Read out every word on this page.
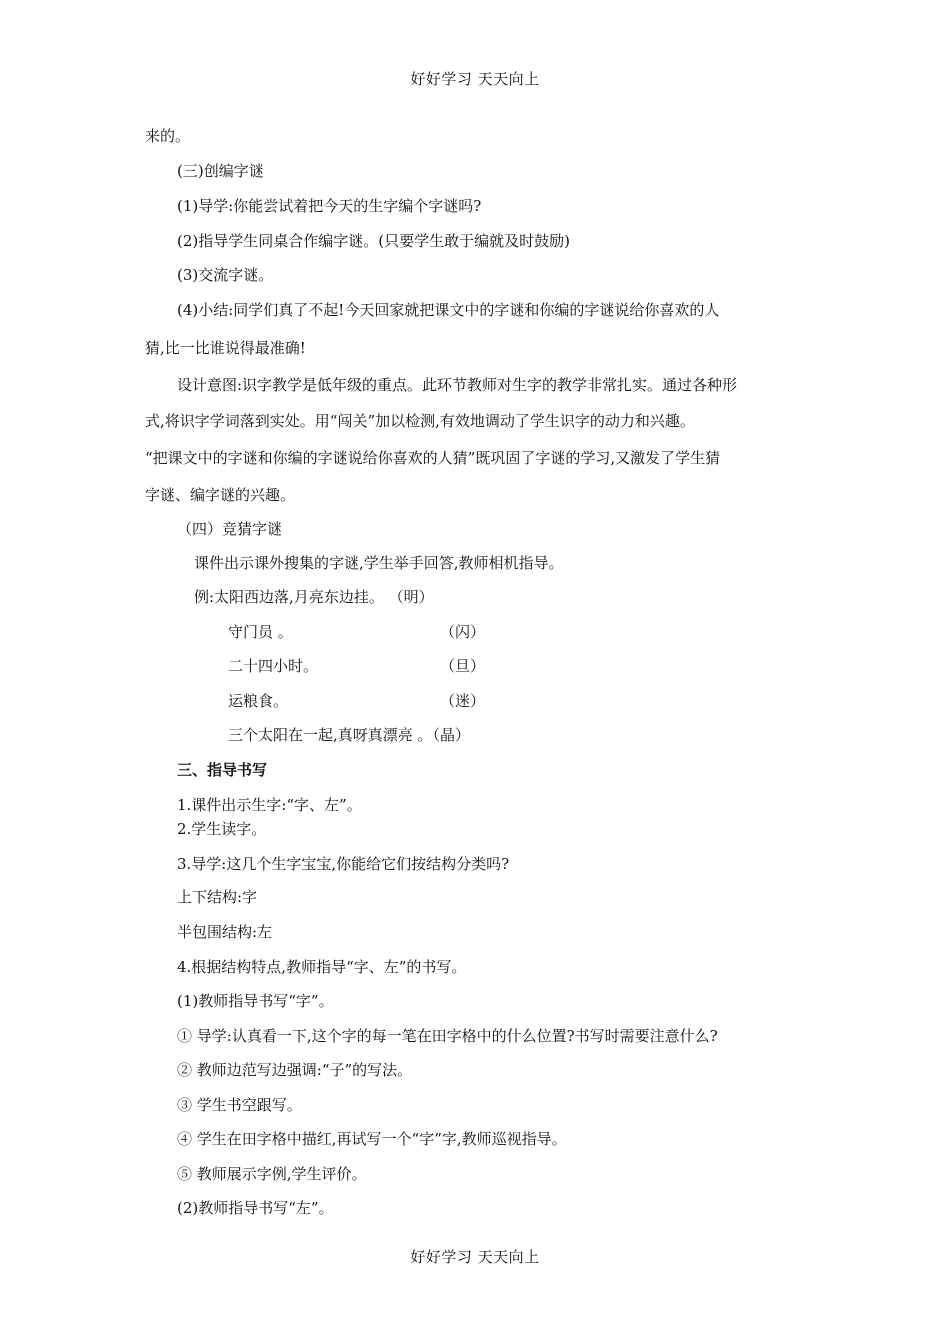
好好学习 天天向上
来的。
(三)创编字谜
(1)导学:你能尝试着把今天的生字编个字谜吗?
(2)指导学生同桌合作编字谜。(只要学生敢于编就及时鼓励)
(3)交流字谜。
(4)小结:同学们真了不起!今天回家就把课文中的字谜和你编的字谜说给你喜欢的人
猜,比一比谁说得最准确!
设计意图:识字教学是低年级的重点。此环节教师对生字的教学非常扎实。通过各种形
式,将识字学词落到实处。用“闯关”加以检测,有效地调动了学生识字的动力和兴趣。
“把课文中的字谜和你编的字谜说给你喜欢的人猜”既巩固了字谜的学习,又激发了学生猜
字谜、编字谜的兴趣。
（四）竞猜字谜
课件出示课外搜集的字谜,学生举手回答,教师相机指导。
例:太阳西边落,月亮东边挂。 （明）
守门员 。	（闪）
二十四小时。	（旦）
运粮食。	（迷）
三个太阳在一起,真呀真漂亮 。（晶）
三、指导书写
1.课件出示生字:“字、左”。
2.学生读字。
3.导学:这几个生字宝宝,你能给它们按结构分类吗?
上下结构:字
半包围结构:左
4.根据结构特点,教师指导“字、左”的书写。
(1)教师指导书写“字”。
① 导学:认真看一下,这个字的每一笔在田字格中的什么位置?书写时需要注意什么?
② 教师边范写边强调:“子”的写法。
③ 学生书空跟写。
④ 学生在田字格中描红,再试写一个“字”字,教师巡视指导。
⑤ 教师展示字例,学生评价。
(2)教师指导书写“左”。
好好学习 天天向上
